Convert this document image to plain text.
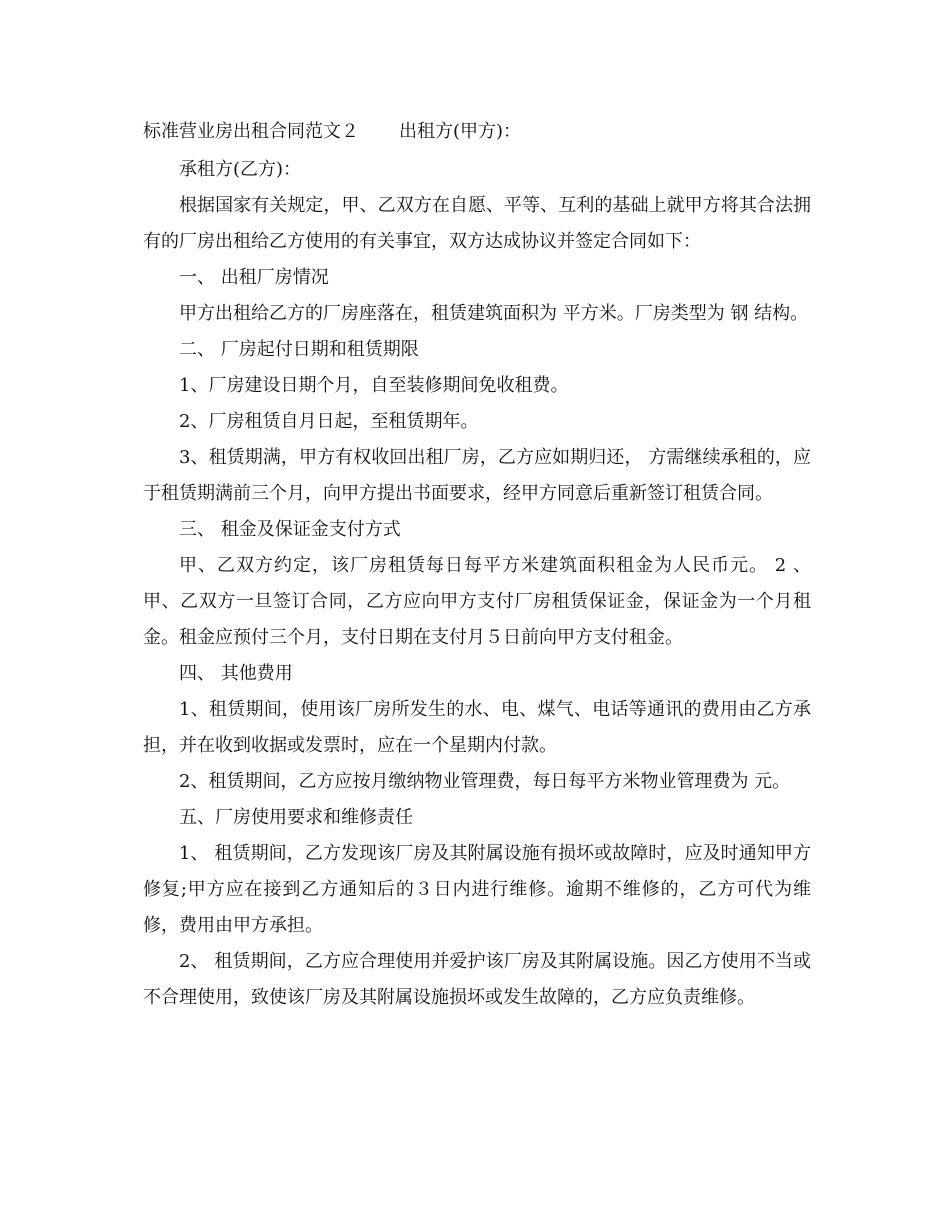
标准营业房出租合同范文２ 出租方(甲方)：

承租方(乙方)：

根据国家有关规定，甲、乙双方在自愿、平等、互利的基础上就甲方将其合法拥有的厂房出租给乙方使用的有关事宜，双方达成协议并签定合同如下：

一、 出租厂房情况

甲方出租给乙方的厂房座落在，租赁建筑面积为 平方米。厂房类型为 钢 结构。

二、 厂房起付日期和租赁期限

1、厂房建设日期个月，自至装修期间免收租费。

2、厂房租赁自月日起，至租赁期年。

3、租赁期满，甲方有权收回出租厂房，乙方应如期归还， 方需继续承租的，应于租赁期满前三个月，向甲方提出书面要求，经甲方同意后重新签订租赁合同。

三、 租金及保证金支付方式

甲、乙双方约定，该厂房租赁每日每平方米建筑面积租金为人民币元。 2 、甲、乙双方一旦签订合同，乙方应向甲方支付厂房租赁保证金，保证金为一个月租金。租金应预付三个月，支付日期在支付月５日前向甲方支付租金。

四、 其他费用

1、租赁期间，使用该厂房所发生的水、电、煤气、电话等通讯的费用由乙方承担，并在收到收据或发票时，应在一个星期内付款。

2、租赁期间，乙方应按月缴纳物业管理费，每日每平方米物业管理费为 元。

五、厂房使用要求和维修责任

1、 租赁期间，乙方发现该厂房及其附属设施有损坏或故障时，应及时通知甲方修复;甲方应在接到乙方通知后的３日内进行维修。逾期不维修的，乙方可代为维修，费用由甲方承担。

2、 租赁期间，乙方应合理使用并爱护该厂房及其附属设施。因乙方使用不当或不合理使用，致使该厂房及其附属设施损坏或发生故障的，乙方应负责维修。
